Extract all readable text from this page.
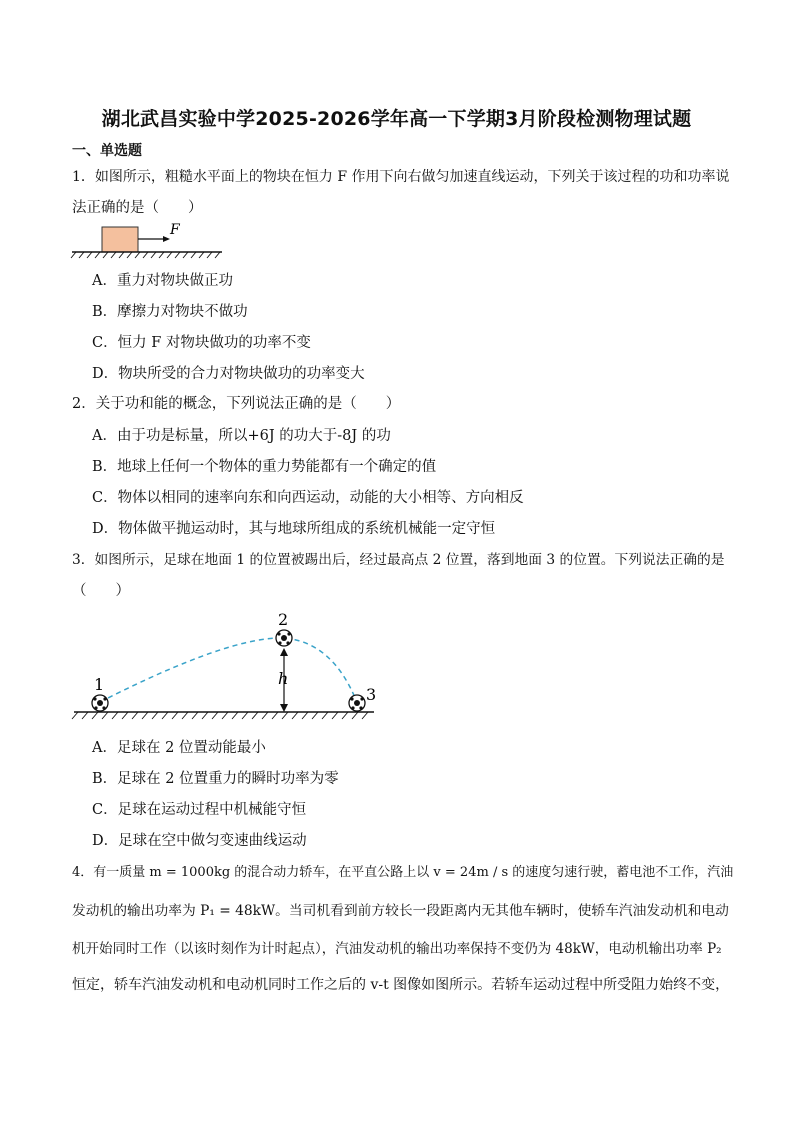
湖北武昌实验中学2025-2026学年高一下学期3月阶段检测物理试题
一、单选题
1．如图所示，粗糙水平面上的物块在恒力 F 作用下向右做匀加速直线运动，下列关于该过程的功和功率说
法正确的是（　　）
F
A．重力对物块做正功
B．摩擦力对物块不做功
C．恒力 F 对物块做功的功率不变
D．物块所受的合力对物块做功的功率变大
2．关于功和能的概念，下列说法正确的是（　　）
A．由于功是标量，所以+6J 的功大于-8J 的功
B．地球上任何一个物体的重力势能都有一个确定的值
C．物体以相同的速率向东和向西运动，动能的大小相等、方向相反
D．物体做平抛运动时，其与地球所组成的系统机械能一定守恒
3．如图所示，足球在地面 1 的位置被踢出后，经过最高点 2 位置，落到地面 3 的位置。下列说法正确的是
（　　）
1
2
h
3
A．足球在 2 位置动能最小
B．足球在 2 位置重力的瞬时功率为零
C．足球在运动过程中机械能守恒
D．足球在空中做匀变速曲线运动
4．有一质量 m = 1000kg 的混合动力轿车，在平直公路上以 v = 24m / s 的速度匀速行驶，蓄电池不工作，汽油
发动机的输出功率为 P₁ = 48kW。当司机看到前方较长一段距离内无其他车辆时，使轿车汽油发动机和电动
机开始同时工作（以该时刻作为计时起点），汽油发动机的输出功率保持不变仍为 48kW，电动机输出功率 P₂
恒定，轿车汽油发动机和电动机同时工作之后的 v-t 图像如图所示。若轿车运动过程中所受阻力始终不变，
